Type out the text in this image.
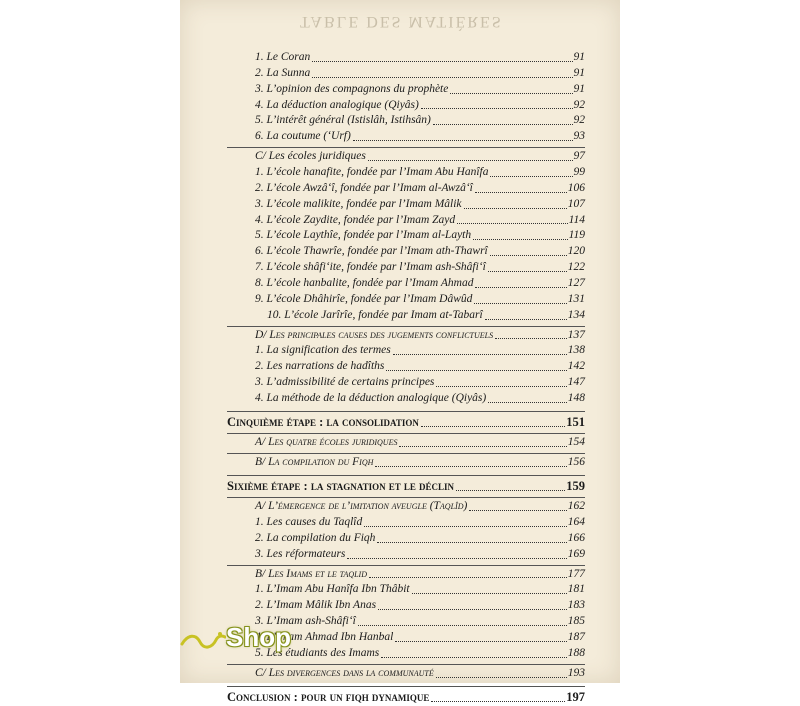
TABLE DES MATIÈRES
1. Le Coran	91
2. La Sunna	91
3. L’opinion des compagnons du prophète	91
4. La déduction analogique (Qiyâs)	92
5. L’intérêt général (Istislâh, Istihsân)	92
6. La coutume (‘Urf)	93
C/ Les écoles juridiques	97
1. L’école hanafite, fondée par l’Imam Abu Hanîfa	99
2. L’école Awzâ‘î, fondée par l’Imam al-Awzâ‘î	106
3. L’école malikite, fondée par l’Imam Mâlik	107
4. L’école Zaydite, fondée par l’Imam Zayd	114
5. L’école Laythîe, fondée par l’Imam al-Layth	119
6. L’école Thawrîe, fondée par l’Imam ath-Thawrî	120
7. L’école shâfi‘ite, fondée par l’Imam ash-Shâfi‘î	122
8. L’école hanbalite, fondée par l’Imam Ahmad	127
9. L’école Dhâhirîe, fondée par l’Imam Dâwûd	131
10. L’école Jarîrîe, fondée par Imam at-Tabarî	134
D/ Les principales causes des jugements conflictuels	137
1. La signification des termes	138
2. Les narrations de hadîths	142
3. L’admissibilité de certains principes	147
4. La méthode de la déduction analogique (Qiyâs)	148
Cinquième étape : la consolidation	151
A/ Les quatre écoles juridiques	154
B/ La compilation du Fiqh	156
Sixième étape : la stagnation et le déclin	159
A/ L’émergence de l’imitation aveugle (Taqlîd)	162
1. Les causes du Taqlîd	164
2. La compilation du Fiqh	166
3. Les réformateurs	169
B/ Les Imams et le taqlid	177
1. L’Imam Abu Hanîfa Ibn Thâbit	181
2. L’Imam Mâlik Ibn Anas	183
3. L’Imam ash-Shâfi‘î	185
4. L’Imam Ahmad Ibn Hanbal	187
5. Les étudiants des Imams	188
C/ Les divergences dans la communauté	193
Conclusion : pour un fiqh dynamique	197
Shop
